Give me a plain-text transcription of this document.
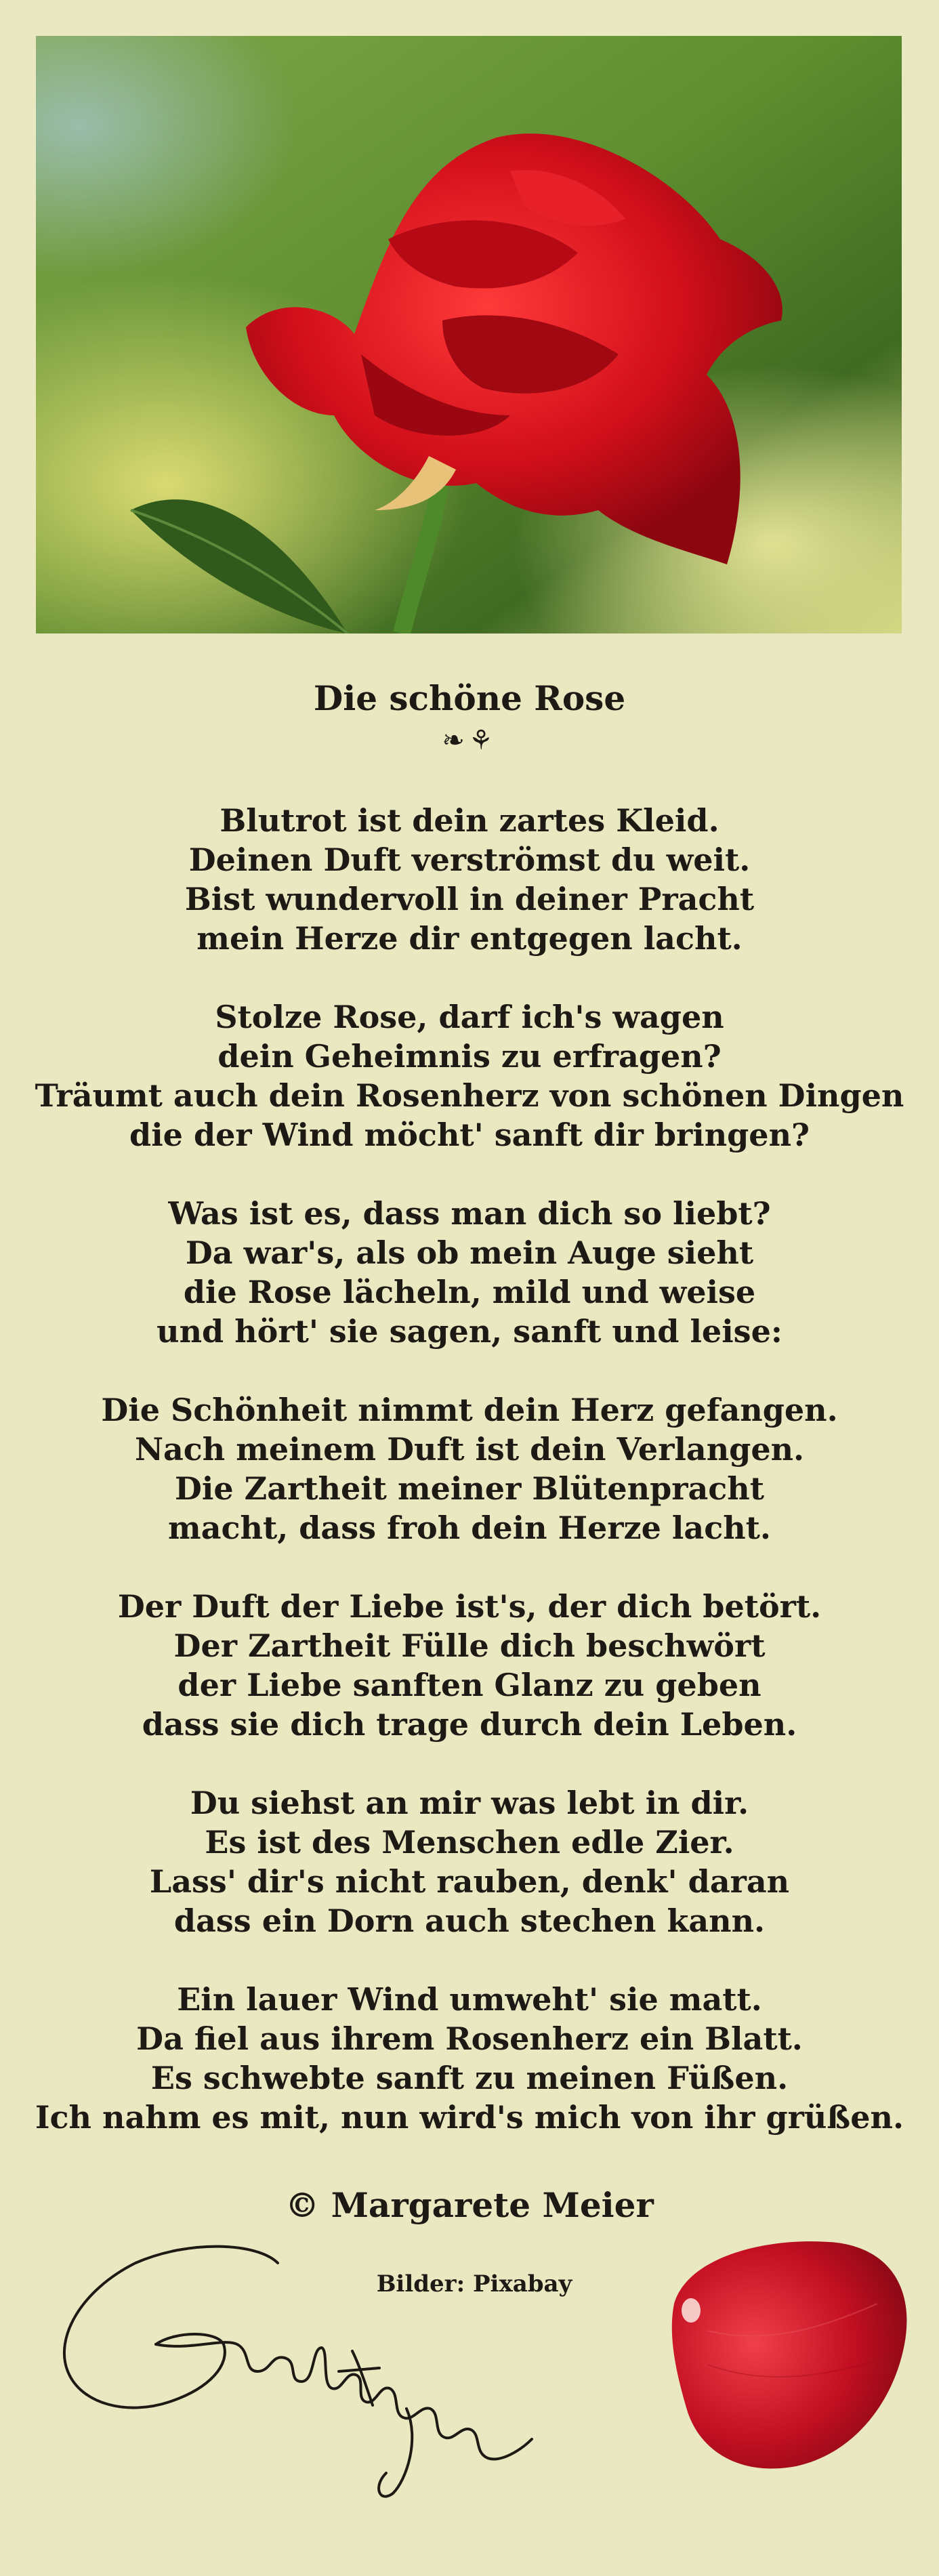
Die schöne Rose
❧⚘
Blutrot ist dein zartes Kleid.
Deinen Duft verströmst du weit.
Bist wundervoll in deiner Pracht
mein Herze dir entgegen lacht.
Stolze Rose, darf ich's wagen
dein Geheimnis zu erfragen?
Träumt auch dein Rosenherz von schönen Dingen
die der Wind möcht' sanft dir bringen?
Was ist es, dass man dich so liebt?
Da war's, als ob mein Auge sieht
die Rose lächeln, mild und weise
und hört' sie sagen, sanft und leise:
Die Schönheit nimmt dein Herz gefangen.
Nach meinem Duft ist dein Verlangen.
Die Zartheit meiner Blütenpracht
macht, dass froh dein Herze lacht.
Der Duft der Liebe ist's, der dich betört.
Der Zartheit Fülle dich beschwört
der Liebe sanften Glanz zu geben
dass sie dich trage durch dein Leben.
Du siehst an mir was lebt in dir.
Es ist des Menschen edle Zier.
Lass' dir's nicht rauben, denk' daran
dass ein Dorn auch stechen kann.
Ein lauer Wind umweht' sie matt.
Da fiel aus ihrem Rosenherz ein Blatt.
Es schwebte sanft zu meinen Füßen.
Ich nahm es mit, nun wird's mich von ihr grüßen.
© Margarete Meier
Bilder: Pixabay
